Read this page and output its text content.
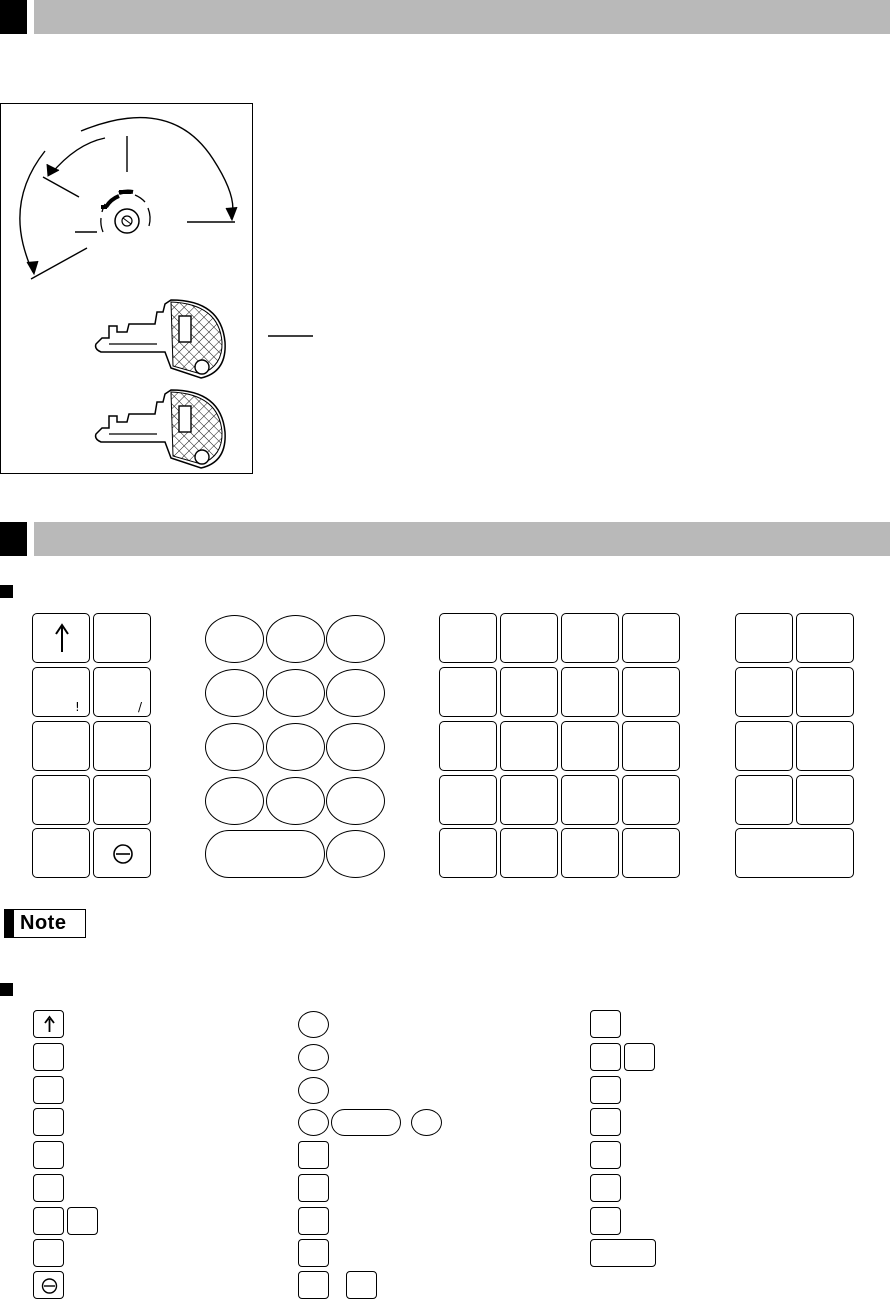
!	/
Note
